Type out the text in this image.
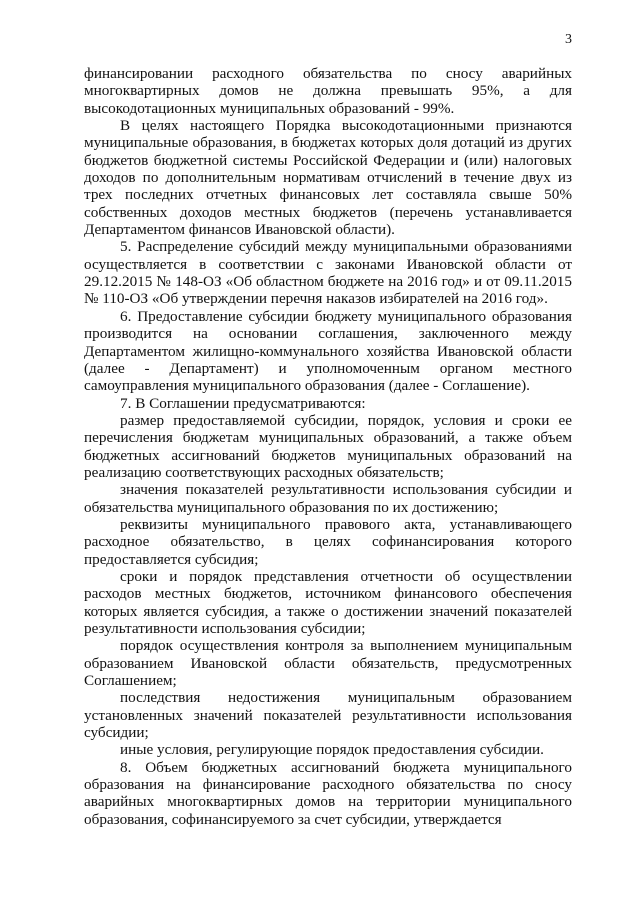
3

финансировании расходного обязательства по сносу аварийных многоквартирных домов не должна превышать 95%, а для высокодотационных муниципальных образований - 99%.

В целях настоящего Порядка высокодотационными признаются муниципальные образования, в бюджетах которых доля дотаций из других бюджетов бюджетной системы Российской Федерации и (или) налоговых доходов по дополнительным нормативам отчислений в течение двух из трех последних отчетных финансовых лет составляла свыше 50% собственных доходов местных бюджетов (перечень устанавливается Департаментом финансов Ивановской области).

5. Распределение субсидий между муниципальными образованиями осуществляется в соответствии с законами Ивановской области от 29.12.2015 № 148-ОЗ «Об областном бюджете на 2016 год» и от 09.11.2015 № 110-ОЗ «Об утверждении перечня наказов избирателей на 2016 год».

6. Предоставление субсидии бюджету муниципального образования производится на основании соглашения, заключенного между Департаментом жилищно-коммунального хозяйства Ивановской области (далее - Департамент) и уполномоченным органом местного самоуправления муниципального образования (далее - Соглашение).

7. В Соглашении предусматриваются:

размер предоставляемой субсидии, порядок, условия и сроки ее перечисления бюджетам муниципальных образований, а также объем бюджетных ассигнований бюджетов муниципальных образований на реализацию соответствующих расходных обязательств;

значения показателей результативности использования субсидии и обязательства муниципального образования по их достижению;

реквизиты муниципального правового акта, устанавливающего расходное обязательство, в целях софинансирования которого предоставляется субсидия;

сроки и порядок представления отчетности об осуществлении расходов местных бюджетов, источником финансового обеспечения которых является субсидия, а также о достижении значений показателей результативности использования субсидии;

порядок осуществления контроля за выполнением муниципальным образованием Ивановской области обязательств, предусмотренных Соглашением;

последствия недостижения муниципальным образованием установленных значений показателей результативности использования субсидии;

иные условия, регулирующие порядок предоставления субсидии.

8. Объем бюджетных ассигнований бюджета муниципального образования на финансирование расходного обязательства по сносу аварийных многоквартирных домов на территории муниципального образования, софинансируемого за счет субсидии, утверждается
